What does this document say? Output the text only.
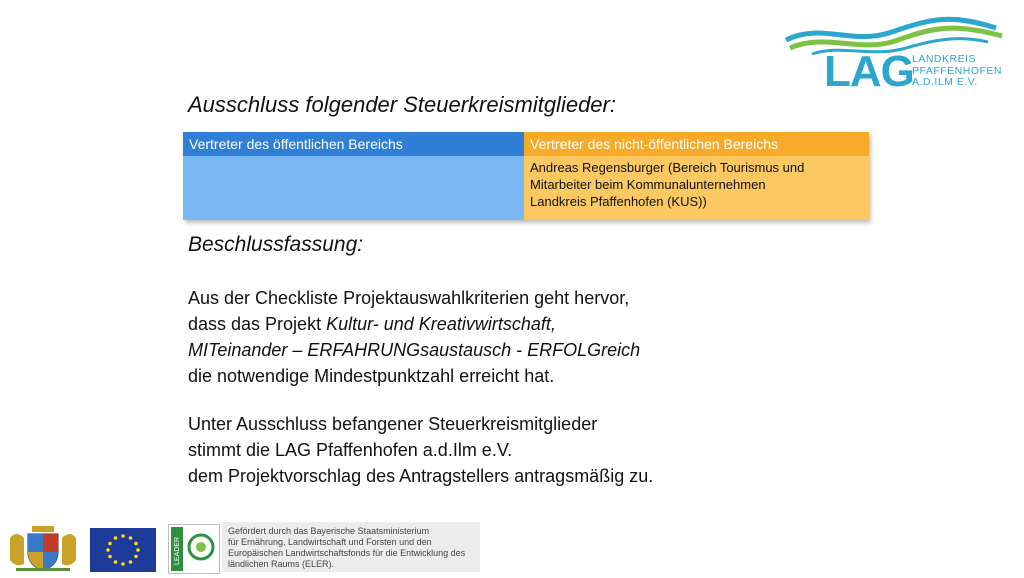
LAG
LANDKREIS
PFAFFENHOFEN
A.D.ILM E.V.
Ausschluss folgender Steuerkreismitglieder:
Vertreter des öffentlichen Bereichs	Vertreter des nicht-öffentlichen Bereichs

	Andreas Regensburger (Bereich Tourismus und
Mitarbeiter beim Kommunalunternehmen
Landkreis Pfaffenhofen (KUS))
Beschlussfassung:
Aus der Checkliste Projektauswahlkriterien geht hervor,
dass das Projekt Kultur- und Kreativwirtschaft,
MITeinander – ERFAHRUNGsaustausch - ERFOLGreich
die notwendige Mindestpunktzahl erreicht hat.
Unter Ausschluss befangener Steuerkreismitglieder
stimmt die LAG Pfaffenhofen a.d.Ilm e.V.
dem Projektvorschlag des Antragstellers antragsmäßig zu.
LEADER
Gefördert durch das Bayerische Staatsministerium
für Ernährung, Landwirtschaft und Forsten und den
Europäischen Landwirtschaftsfonds für die Entwicklung des
ländlichen Raums (ELER).
